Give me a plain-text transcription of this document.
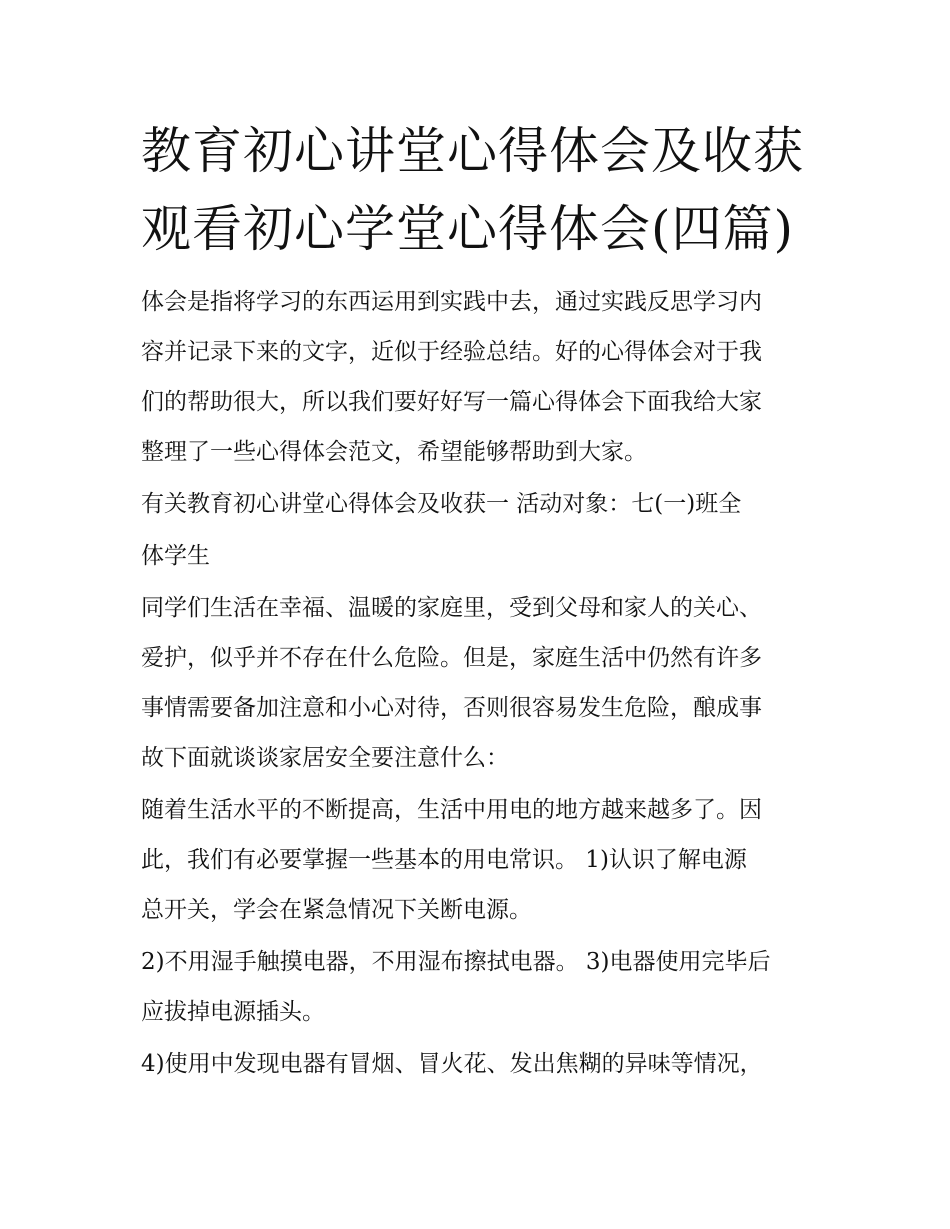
教育初心讲堂心得体会及收获
观看初心学堂心得体会(四篇)
体会是指将学习的东西运用到实践中去，通过实践反思学习内
容并记录下来的文字，近似于经验总结。好的心得体会对于我
们的帮助很大，所以我们要好好写一篇心得体会下面我给大家
整理了一些心得体会范文，希望能够帮助到大家。
有关教育初心讲堂心得体会及收获一 活动对象：七(一)班全
体学生
同学们生活在幸福、温暖的家庭里，受到父母和家人的关心、
爱护，似乎并不存在什么危险。但是，家庭生活中仍然有许多
事情需要备加注意和小心对待，否则很容易发生危险，酿成事
故下面就谈谈家居安全要注意什么：
随着生活水平的不断提高，生活中用电的地方越来越多了。因
此，我们有必要掌握一些基本的用电常识。 1)认识了解电源
总开关，学会在紧急情况下关断电源。
2)不用湿手触摸电器，不用湿布擦拭电器。 3)电器使用完毕后
应拔掉电源插头。
4)使用中发现电器有冒烟、冒火花、发出焦糊的异味等情况，
